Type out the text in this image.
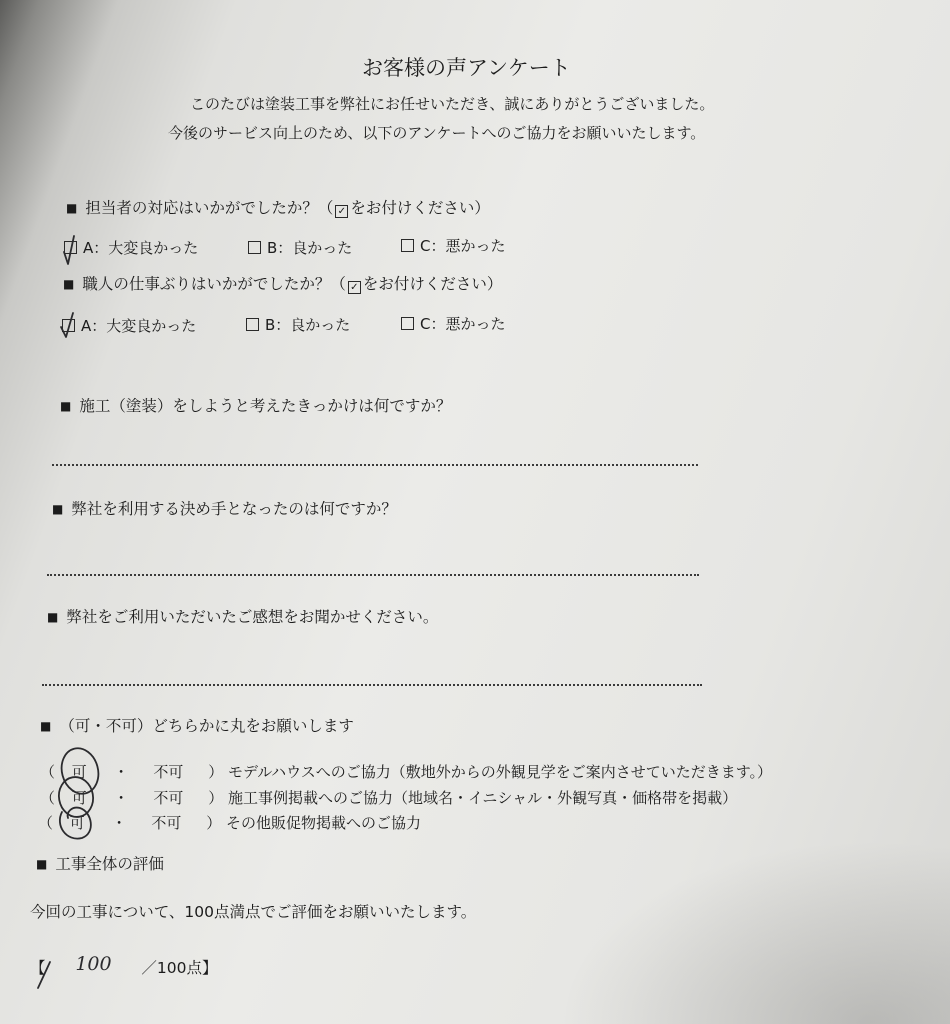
お客様の声アンケート
このたびは塗装工事を弊社にお任せいただき、誠にありがとうございました。
今後のサービス向上のため、以下のアンケートへのご協力をお願いいたします。
■ 担当者の対応はいかがでしたか？（ ✓ をお付けください）
A：大変良かった	B：良かった	C：悪かった
■ 職人の仕事ぶりはいかがでしたか？（ ✓ をお付けください）
A：大変良かった	B：良かった	C：悪かった
■ 施工（塗装）をしようと考えたきっかけは何ですか？
■ 弊社を利用する決め手となったのは何ですか？
■ 弊社をご利用いただいたご感想をお聞かせください。
■ （可・不可）どちらかに丸をお願いします
（ 可 ・ 不可 ） モデルハウスへのご協力（敷地外からの外観見学をご案内させていただきます。）
（ 可 ・ 不可 ） 施工事例掲載へのご協力（地域名・イニシャル・外観写真・価格帯を掲載）
（ 可 ・ 不可 ） その他販促物掲載へのご協力
■ 工事全体の評価
今回の工事について、100点満点でご評価をお願いいたします。
【 100 ／100点】
